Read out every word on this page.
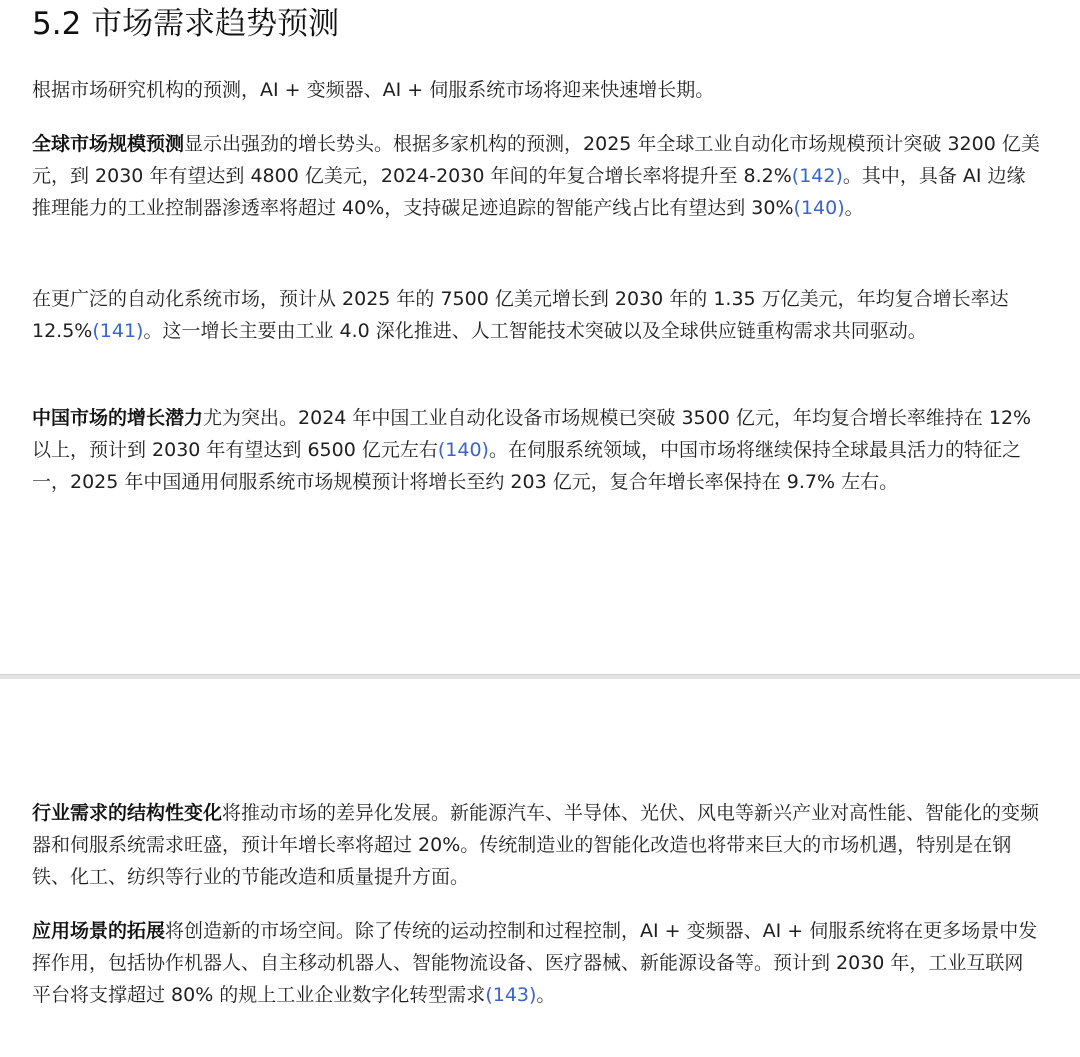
5.2 市场需求趋势预测

根据市场研究机构的预测，AI + 变频器、AI + 伺服系统市场将迎来快速增长期。

全球市场规模预测显示出强劲的增长势头。根据多家机构的预测，2025 年全球工业自动化市场规模预计突破 3200 亿美元，到 2030 年有望达到 4800 亿美元，2024-2030 年间的年复合增长率将提升至 8.2%(142)。其中，具备 AI 边缘推理能力的工业控制器渗透率将超过 40%，支持碳足迹追踪的智能产线占比有望达到 30%(140)。

在更广泛的自动化系统市场，预计从 2025 年的 7500 亿美元增长到 2030 年的 1.35 万亿美元，年均复合增长率达 12.5%(141)。这一增长主要由工业 4.0 深化推进、人工智能技术突破以及全球供应链重构需求共同驱动。

中国市场的增长潜力尤为突出。2024 年中国工业自动化设备市场规模已突破 3500 亿元，年均复合增长率维持在 12% 以上，预计到 2030 年有望达到 6500 亿元左右(140)。在伺服系统领域，中国市场将继续保持全球最具活力的特征之一，2025 年中国通用伺服系统市场规模预计将增长至约 203 亿元，复合年增长率保持在 9.7% 左右。

行业需求的结构性变化将推动市场的差异化发展。新能源汽车、半导体、光伏、风电等新兴产业对高性能、智能化的变频器和伺服系统需求旺盛，预计年增长率将超过 20%。传统制造业的智能化改造也将带来巨大的市场机遇，特别是在钢铁、化工、纺织等行业的节能改造和质量提升方面。

应用场景的拓展将创造新的市场空间。除了传统的运动控制和过程控制，AI + 变频器、AI + 伺服系统将在更多场景中发挥作用，包括协作机器人、自主移动机器人、智能物流设备、医疗器械、新能源设备等。预计到 2030 年，工业互联网平台将支撑超过 80% 的规上工业企业数字化转型需求(143)。
